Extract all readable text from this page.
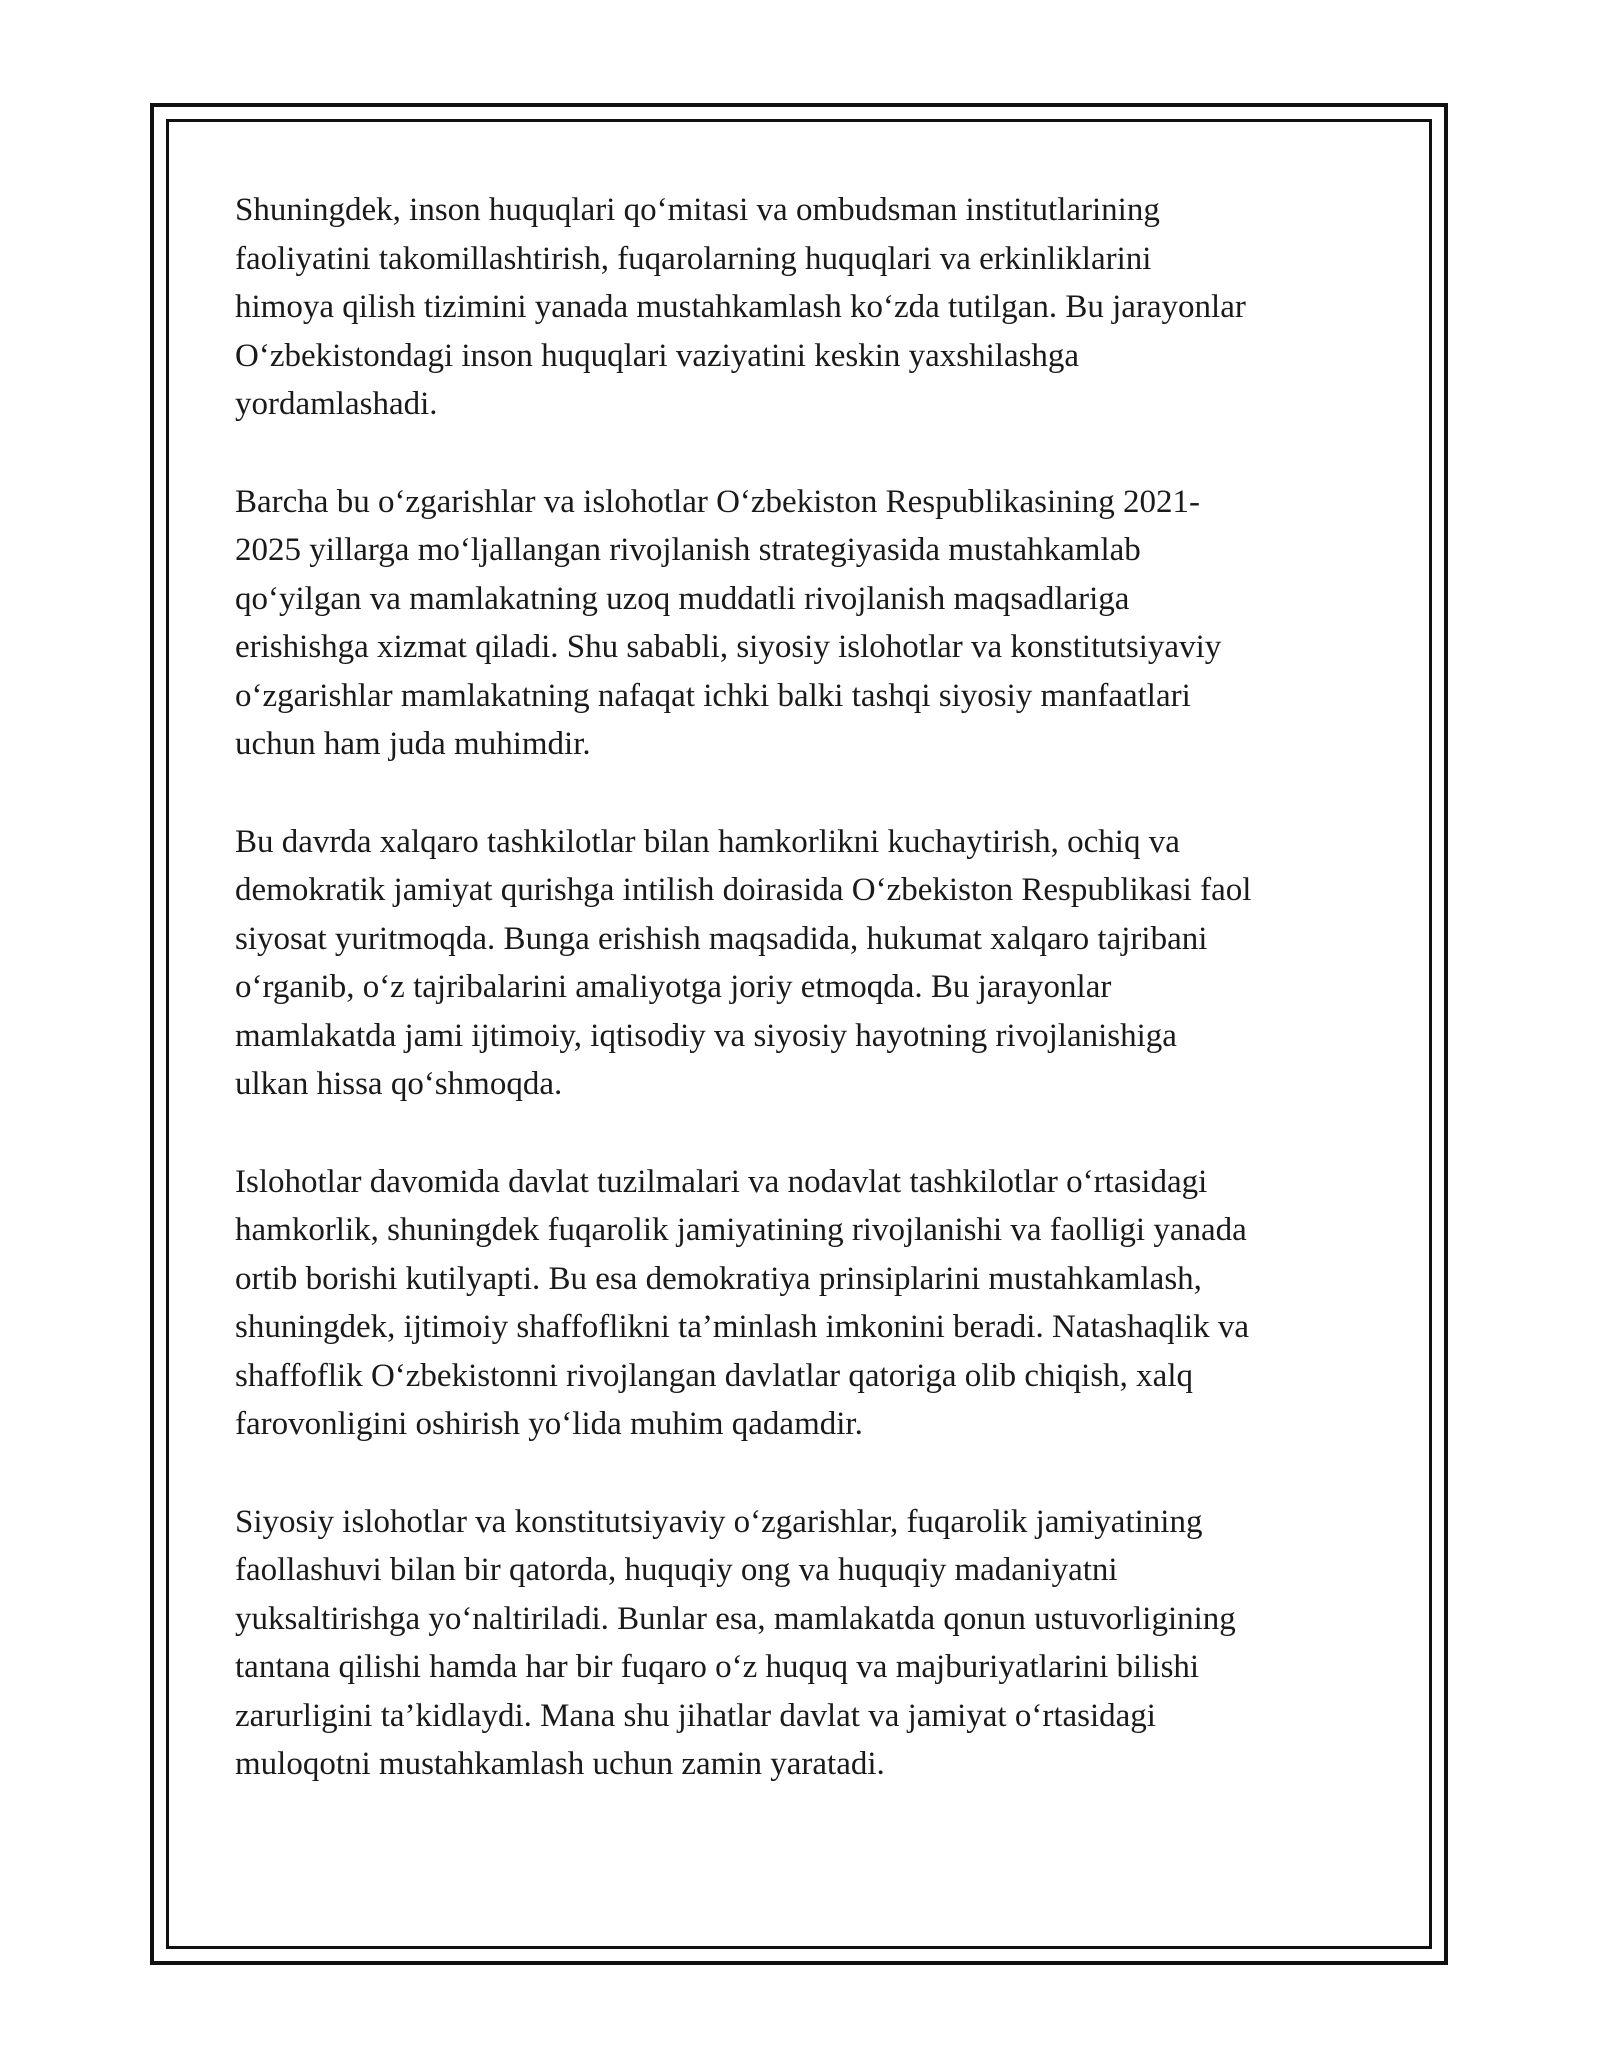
Shuningdek, inson huquqlari qo‘mitasi va ombudsman institutlarining
faoliyatini takomillashtirish, fuqarolarning huquqlari va erkinliklarini
himoya qilish tizimini yanada mustahkamlash ko‘zda tutilgan. Bu jarayonlar
O‘zbekistondagi inson huquqlari vaziyatini keskin yaxshilashga
yordamlashadi.

Barcha bu o‘zgarishlar va islohotlar O‘zbekiston Respublikasining 2021-
2025 yillarga mo‘ljallangan rivojlanish strategiyasida mustahkamlab
qo‘yilgan va mamlakatning uzoq muddatli rivojlanish maqsadlariga
erishishga xizmat qiladi. Shu sababli, siyosiy islohotlar va konstitutsiyaviy
o‘zgarishlar mamlakatning nafaqat ichki balki tashqi siyosiy manfaatlari
uchun ham juda muhimdir.

Bu davrda xalqaro tashkilotlar bilan hamkorlikni kuchaytirish, ochiq va
demokratik jamiyat qurishga intilish doirasida O‘zbekiston Respublikasi faol
siyosat yuritmoqda. Bunga erishish maqsadida, hukumat xalqaro tajribani
o‘rganib, o‘z tajribalarini amaliyotga joriy etmoqda. Bu jarayonlar
mamlakatda jami ijtimoiy, iqtisodiy va siyosiy hayotning rivojlanishiga
ulkan hissa qo‘shmoqda.

Islohotlar davomida davlat tuzilmalari va nodavlat tashkilotlar o‘rtasidagi
hamkorlik, shuningdek fuqarolik jamiyatining rivojlanishi va faolligi yanada
ortib borishi kutilyapti. Bu esa demokratiya prinsiplarini mustahkamlash,
shuningdek, ijtimoiy shaffoflikni ta’minlash imkonini beradi. Natashaqlik va
shaffoflik O‘zbekistonni rivojlangan davlatlar qatoriga olib chiqish, xalq
farovonligini oshirish yo‘lida muhim qadamdir.

Siyosiy islohotlar va konstitutsiyaviy o‘zgarishlar, fuqarolik jamiyatining
faollashuvi bilan bir qatorda, huquqiy ong va huquqiy madaniyatni
yuksaltirishga yo‘naltiriladi. Bunlar esa, mamlakatda qonun ustuvorligining
tantana qilishi hamda har bir fuqaro o‘z huquq va majburiyatlarini bilishi
zarurligini ta’kidlaydi. Mana shu jihatlar davlat va jamiyat o‘rtasidagi
muloqotni mustahkamlash uchun zamin yaratadi.
